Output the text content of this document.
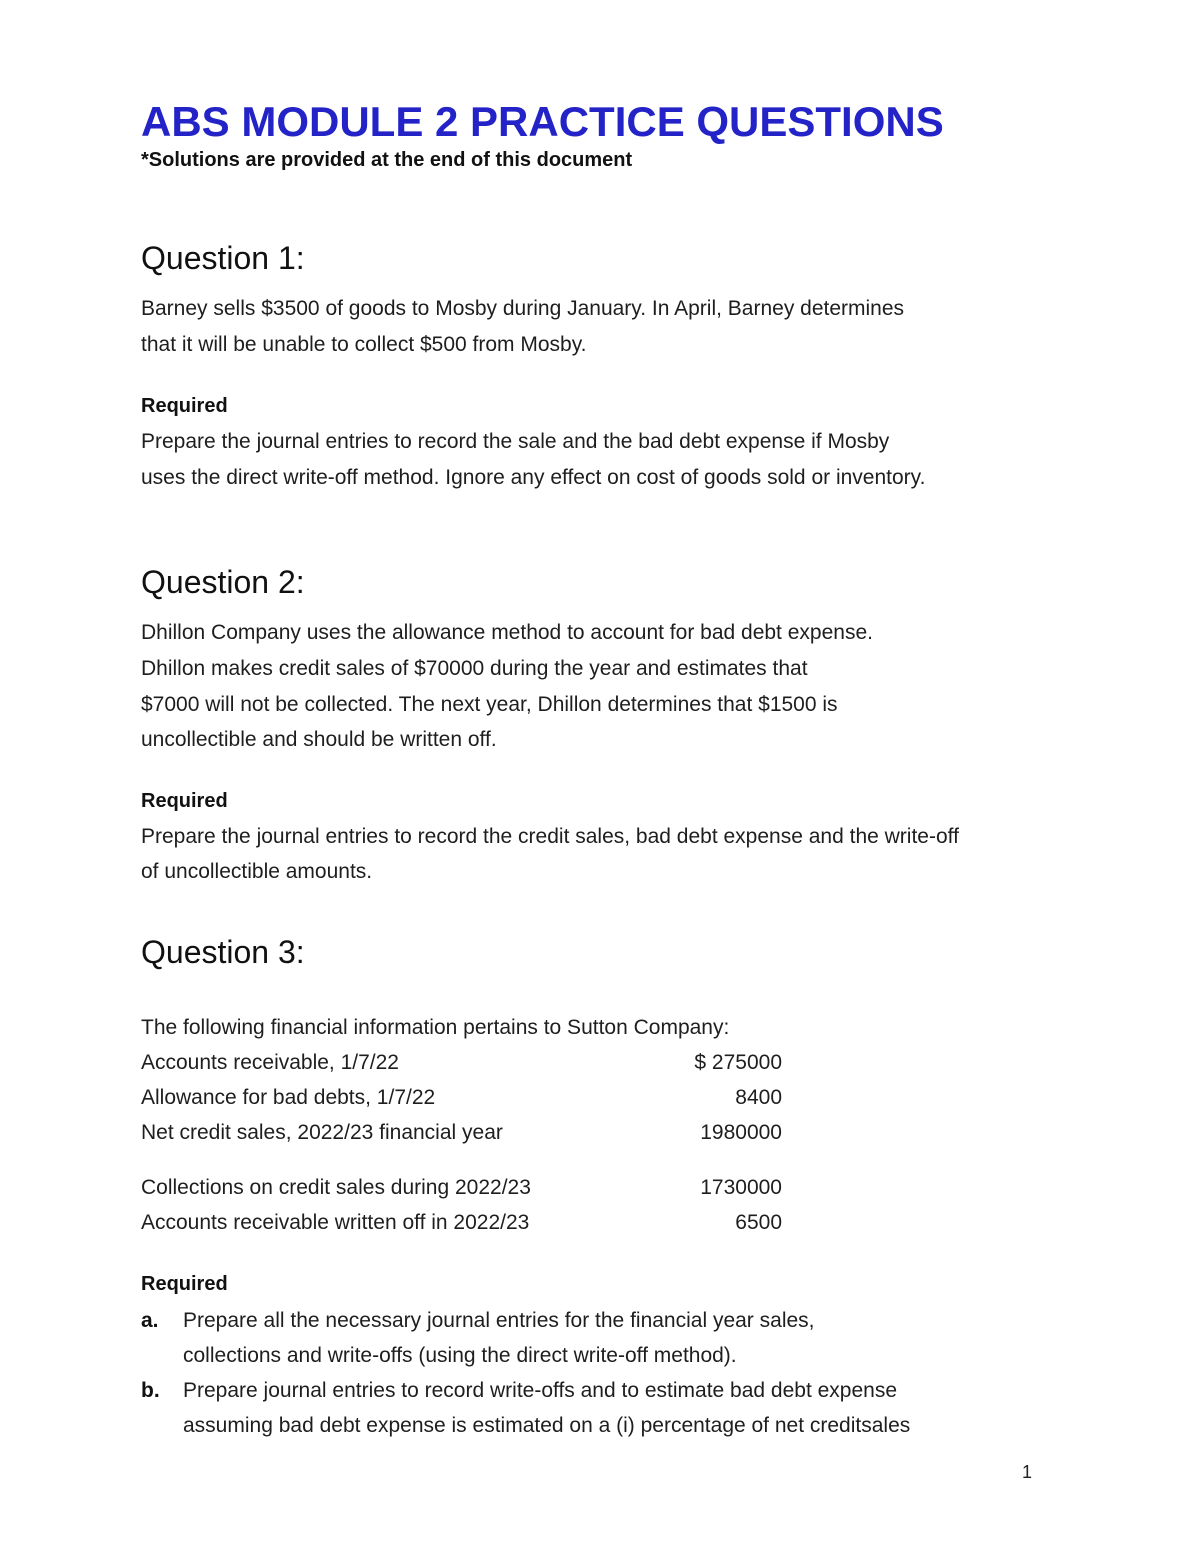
ABS MODULE 2 PRACTICE QUESTIONS
*Solutions are provided at the end of this document
Question 1:
Barney sells $3500 of goods to Mosby during January. In April, Barney determines
that it will be unable to collect $500 from Mosby.
Required
Prepare the journal entries to record the sale and the bad debt expense if Mosby
uses the direct write-off method. Ignore any effect on cost of goods sold or inventory.
Question 2:
Dhillon Company uses the allowance method to account for bad debt expense.
Dhillon makes credit sales of $70000 during the year and estimates that
$7000 will not be collected. The next year, Dhillon determines that $1500 is
uncollectible and should be written off.
Required
Prepare the journal entries to record the credit sales, bad debt expense and the write-off
of uncollectible amounts.
Question 3:
The following financial information pertains to Sutton Company:
Accounts receivable, 1/7/22	$ 275000
Allowance for bad debts, 1/7/22	8400
Net credit sales, 2022/23 financial year	1980000
Collections on credit sales during 2022/23	1730000
Accounts receivable written off in 2022/23	6500
Required
a. Prepare all the necessary journal entries for the financial year sales,
collections and write-offs (using the direct write-off method).
b. Prepare journal entries to record write-offs and to estimate bad debt expense
assuming bad debt expense is estimated on a (i) percentage of net creditsales
1
